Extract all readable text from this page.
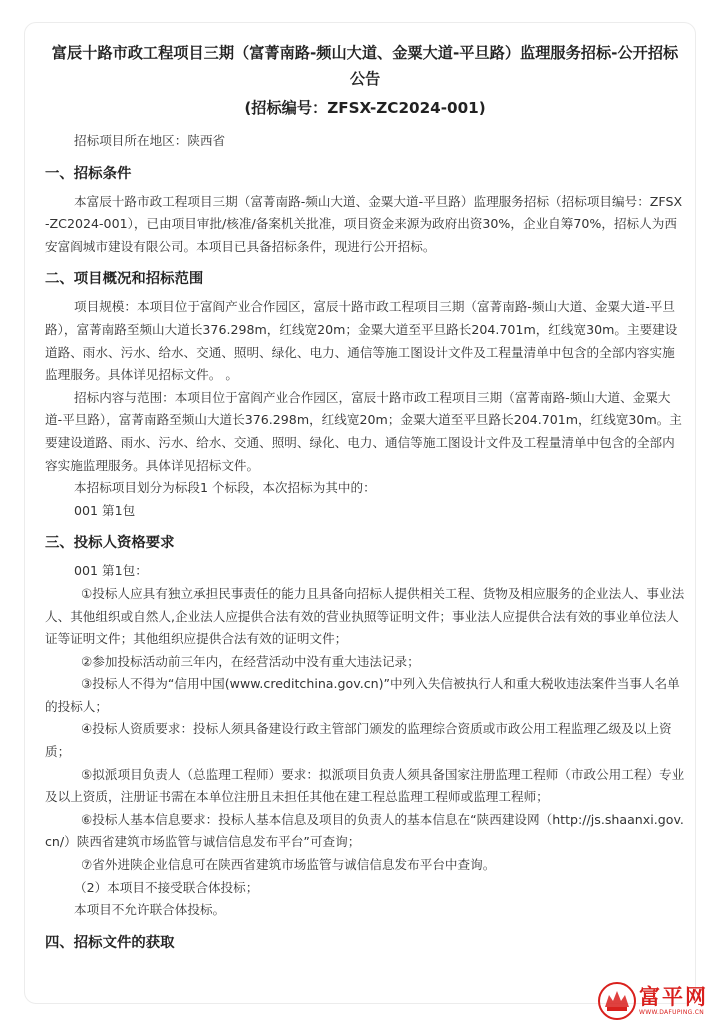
富辰十路市政工程项目三期（富菁南路-频山大道、金粟大道-平旦路）监理服务招标-公开招标公告
(招标编号：ZFSX-ZC2024-001)

招标项目所在地区：陕西省

一、招标条件

本富辰十路市政工程项目三期（富菁南路-频山大道、金粟大道-平旦路）监理服务招标（招标项目编号：ZFSX-ZC2024-001），已由项目审批/核准/备案机关批准，项目资金来源为政府出资30%，企业自筹70%，招标人为西安富阎城市建设有限公司。本项目已具备招标条件，现进行公开招标。

二、项目概况和招标范围

项目规模：本项目位于富阎产业合作园区，富辰十路市政工程项目三期（富菁南路-频山大道、金粟大道-平旦路），富菁南路至频山大道长376.298m，红线宽20m；金粟大道至平旦路长204.701m，红线宽30m。主要建设道路、雨水、污水、给水、交通、照明、绿化、电力、通信等施工图设计文件及工程量清单中包含的全部内容实施监理服务。具体详见招标文件。 。

招标内容与范围：本项目位于富阎产业合作园区，富辰十路市政工程项目三期（富菁南路-频山大道、金粟大道-平旦路），富菁南路至频山大道长376.298m，红线宽20m；金粟大道至平旦路长204.701m，红线宽30m。主要建设道路、雨水、污水、给水、交通、照明、绿化、电力、通信等施工图设计文件及工程量清单中包含的全部内容实施监理服务。具体详见招标文件。

本招标项目划分为标段1 个标段，本次招标为其中的：

001 第1包

三、投标人资格要求

001 第1包：

①投标人应具有独立承担民事责任的能力且具备向招标人提供相关工程、货物及相应服务的企业法人、事业法人、其他组织或自然人,企业法人应提供合法有效的营业执照等证明文件；事业法人应提供合法有效的事业单位法人证等证明文件；其他组织应提供合法有效的证明文件；

②参加投标活动前三年内，在经营活动中没有重大违法记录；

③投标人不得为“信用中国(www.creditchina.gov.cn)”中列入失信被执行人和重大税收违法案件当事人名单的投标人；

④投标人资质要求：投标人须具备建设行政主管部门颁发的监理综合资质或市政公用工程监理乙级及以上资质；

⑤拟派项目负责人（总监理工程师）要求：拟派项目负责人须具备国家注册监理工程师（市政公用工程）专业及以上资质，注册证书需在本单位注册且未担任其他在建工程总监理工程师或监理工程师；

⑥投标人基本信息要求：投标人基本信息及项目的负责人的基本信息在“陕西建设网（http://js.shaanxi.gov.cn/）陕西省建筑市场监管与诚信信息发布平台”可查询；

⑦省外进陕企业信息可在陕西省建筑市场监管与诚信信息发布平台中查询。

（2）本项目不接受联合体投标；

本项目不允许联合体投标。

四、招标文件的获取
富平网
WWW.DAFUPING.CN
